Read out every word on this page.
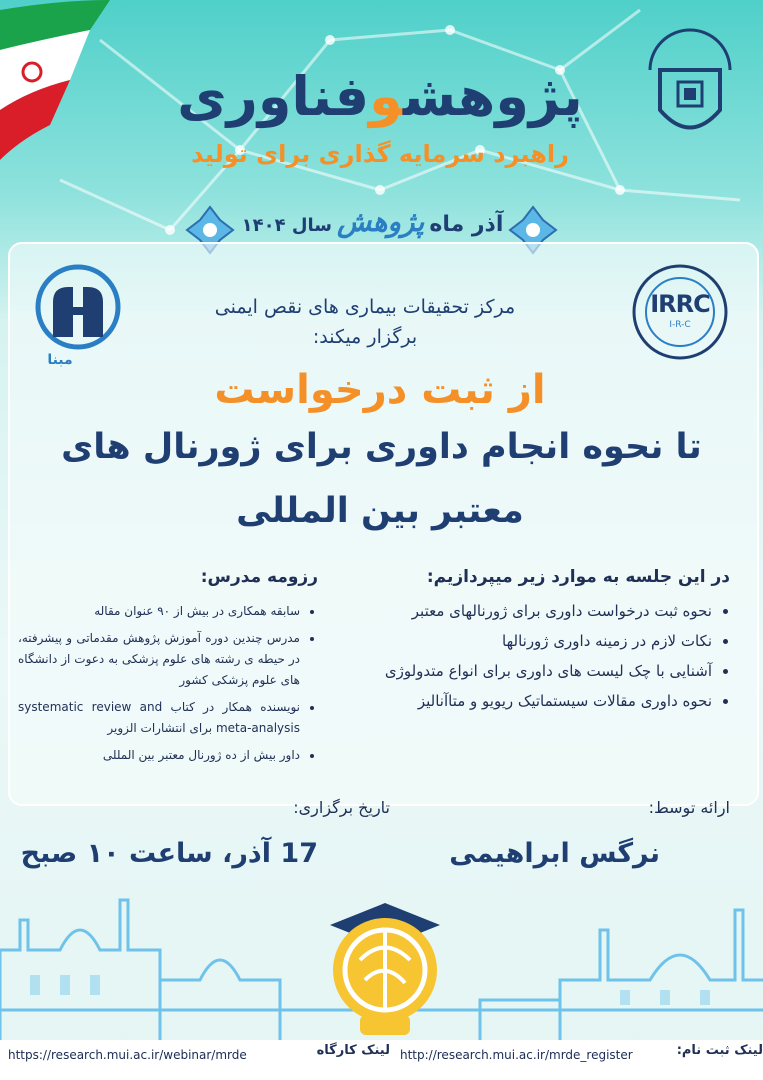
پژوهشوفناوری
راهبرد سرمایه گذاری برای تولید
آذر ماه پژوهش سال ۱۴۰۴
مبنا
IRRC
I-R-C
مرکز تحقیقات بیماری های نقص ایمنی
برگزار میکند:
از ثبت درخواست
تا نحوه انجام داوری برای ژورنال های
معتبر بین المللی
در این جلسه به موارد زیر میپردازیم:
• نحوه ثبت درخواست داوری برای ژورنالهای معتبر
• نکات لازم در زمینه داوری ژورنالها
• آشنایی با چک لیست های داوری برای انواع متدولوژی
• نحوه داوری مقالات سیستماتیک ریویو و متاآنالیز
رزومه مدرس:
• سابقه همکاری در بیش از ۹۰ عنوان مقاله
• مدرس چندین دوره آموزش پژوهش مقدماتی و پیشرفته، در حیطه ی رشته های علوم پزشکی به دعوت از دانشگاه های علوم پزشکی کشور
• نویسنده همکار در کتاب systematic review and meta-analysis برای انتشارات الزویر
• داور بیش از ده ژورنال معتبر بین المللی
ارائه توسط:
تاریخ برگزاری:
نرگس ابراهیمی
17 آذر، ساعت ۱۰ صبح
https://research.mui.ac.ir/webinar/mrde	لینک کارگاه http://research.mui.ac.ir/mrde_register	لینک ثبت نام:
